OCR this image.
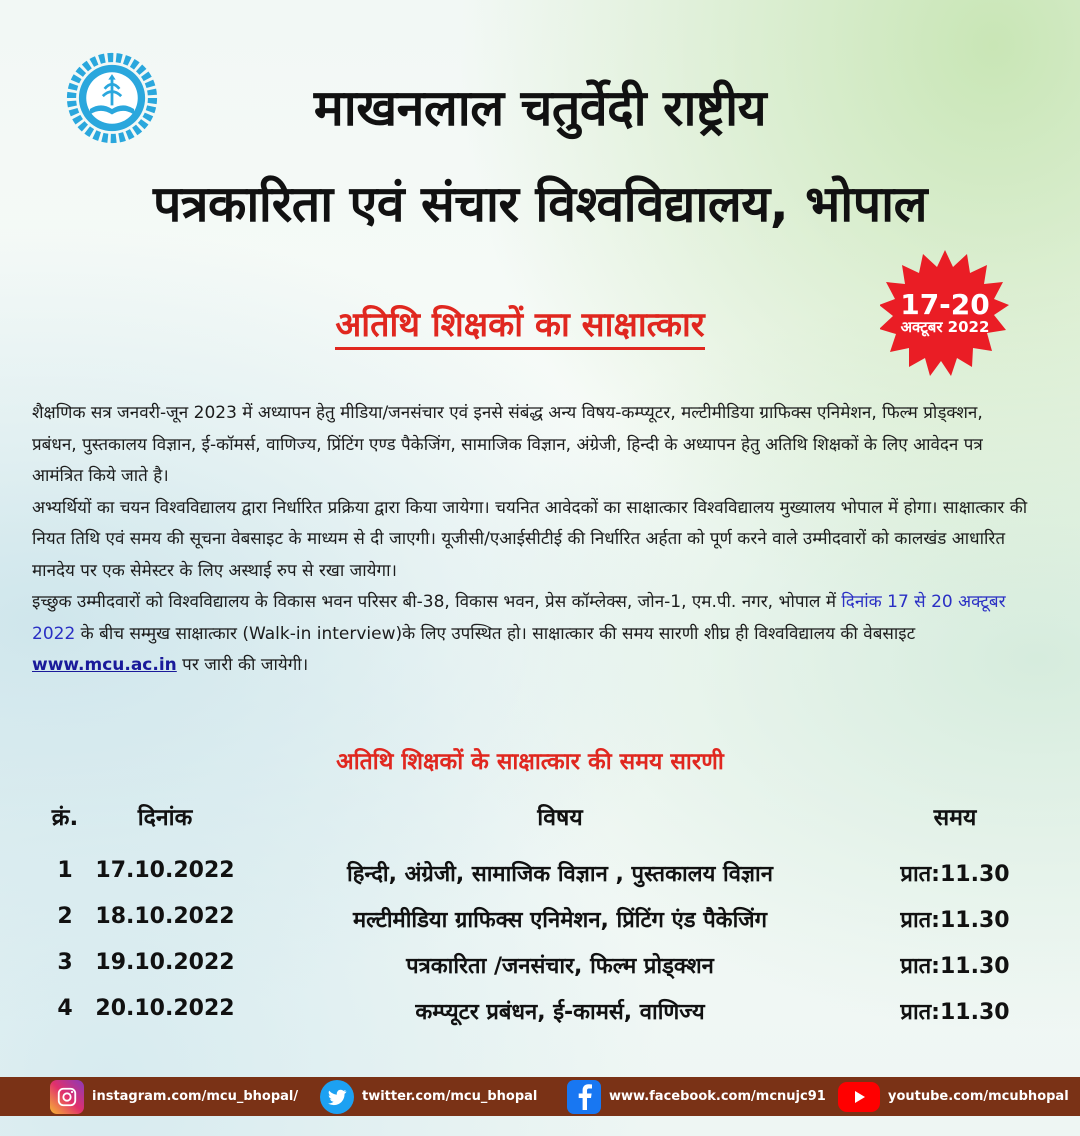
माखनलाल चतुर्वेदी राष्ट्रीय
पत्रकारिता एवं संचार विश्वविद्यालय, भोपाल
अतिथि शिक्षकों का साक्षात्कार
17-20
अक्टूबर 2022

शैक्षणिक सत्र जनवरी-जून 2023 में अध्यापन हेतु मीडिया/जनसंचार एवं इनसे संबंद्ध अन्य विषय-कम्प्यूटर, मल्टीमीडिया ग्राफिक्स एनिमेशन, फिल्म प्रोड्क्शन, प्रबंधन, पुस्तकालय विज्ञान, ई-कॉमर्स, वाणिज्य, प्रिंटिंग एण्ड पैकेजिंग, सामाजिक विज्ञान, अंग्रेजी, हिन्दी के अध्यापन हेतु अतिथि शिक्षकों के लिए आवेदन पत्र आमंत्रित किये जाते है।

अभ्यर्थियों का चयन विश्वविद्यालय द्वारा निर्धारित प्रक्रिया द्वारा किया जायेगा। चयनित आवेदकों का साक्षात्कार विश्वविद्यालय मुख्यालय भोपाल में होगा। साक्षात्कार की नियत तिथि एवं समय की सूचना वेबसाइट के माध्यम से दी जाएगी। यूजीसी/एआईसीटीई की निर्धारित अर्हता को पूर्ण करने वाले उम्मीदवारों को कालखंड आधारित मानदेय पर एक सेमेस्टर के लिए अस्थाई रुप से रखा जायेगा।

इच्छुक उम्मीदवारों को विश्वविद्यालय के विकास भवन परिसर बी-38, विकास भवन, प्रेस कॉम्लेक्स, जोन-1, एम.पी. नगर, भोपाल में दिनांक 17 से 20 अक्टूबर 2022 के बीच सम्मुख साक्षात्कार (Walk-in interview)के लिए उपस्थित हो। साक्षात्कार की समय सारणी शीघ्र ही विश्वविद्यालय की वेबसाइट www.mcu.ac.in पर जारी की जायेगी।

अतिथि शिक्षकों के साक्षात्कार की समय सारणी
क्रं.	दिनांक	विषय	समय
1	17.10.2022	हिन्दी, अंग्रेजी, सामाजिक विज्ञान , पुस्तकालय विज्ञान	प्रात:11.30
2	18.10.2022	मल्टीमीडिया ग्राफिक्स एनिमेशन, प्रिंटिंग एंड पैकेजिंग	प्रात:11.30
3	19.10.2022	पत्रकारिता /जनसंचार, फिल्म प्रोड्क्शन	प्रात:11.30
4	20.10.2022	कम्प्यूटर प्रबंधन, ई-कामर्स, वाणिज्य	प्रात:11.30
instagram.com/mcu_bhopal/	twitter.com/mcu_bhopal	www.facebook.com/mcnujc91	youtube.com/mcubhopal
